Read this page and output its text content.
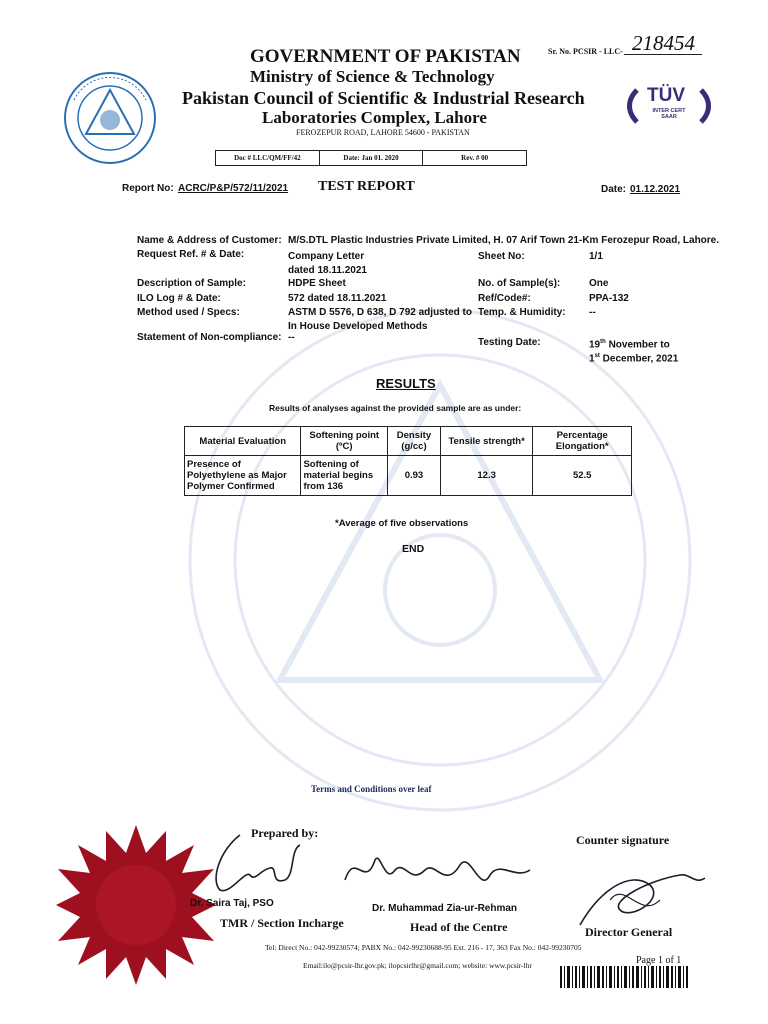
TÜV
INTER CERT SAAR
GOVERNMENT OF PAKISTAN
Ministry of Science & Technology
Pakistan Council of Scientific & Industrial Research
Laboratories Complex, Lahore
FEROZEPUR ROAD, LAHORE 54600 - PAKISTAN
Sr. No. PCSIR - LLC- 218454
Doc # LLC/QM/FF/42	Date: Jan 01. 2020	Rev. # 00
Report No: ACRC/P&P/572/11/2021 TEST REPORT	Date: 01.12.2021
Name & Address of Customer: M/S.DTL Plastic Industries Private Limited, H. 07 Arif Town 21-Km Ferozepur Road, Lahore.
Request Ref. # & Date:	Company Letter
dated 18.11.2021
Sheet No:	1/1
Description of Sample:	HDPE Sheet	No. of Sample(s):	One
ILO Log # & Date:	572 dated 18.11.2021	Ref/Code#:	PPA-132
Method used / Specs:	ASTM D 5576, D 638, D 792 adjusted to
In House Developed Methods
Temp. & Humidity: --
Statement of Non-compliance: --	Testing Date:	19th November to
1st December, 2021
RESULTS
Results of analyses against the provided sample are as under:
Material Evaluation	Softening point (ºC)	Density (g/cc)	Tensile strength*	Percentage Elongation*
Presence of Polyethylene as Major Polymer Confirmed	Softening of material begins from 136	0.93	12.3	52.5
*Average of five observations
END
Terms and Conditions over leaf
Prepared by:	Counter signature
Dr. Saira Taj, PSO
TMR / Section Incharge
Dr. Muhammad Zia-ur-Rehman
Head of the Centre	Director General
Tel: Direct No.: 042-99230574; PABX No.: 042-99230688-95 Ext. 216 - 17, 363 Fax No.: 042-99230705
Email:ilo@pcsir-lhr.gov.pk; ilopcsirlhr@gmail.com; website: www.pcsir-lhr	Page 1 of 1
